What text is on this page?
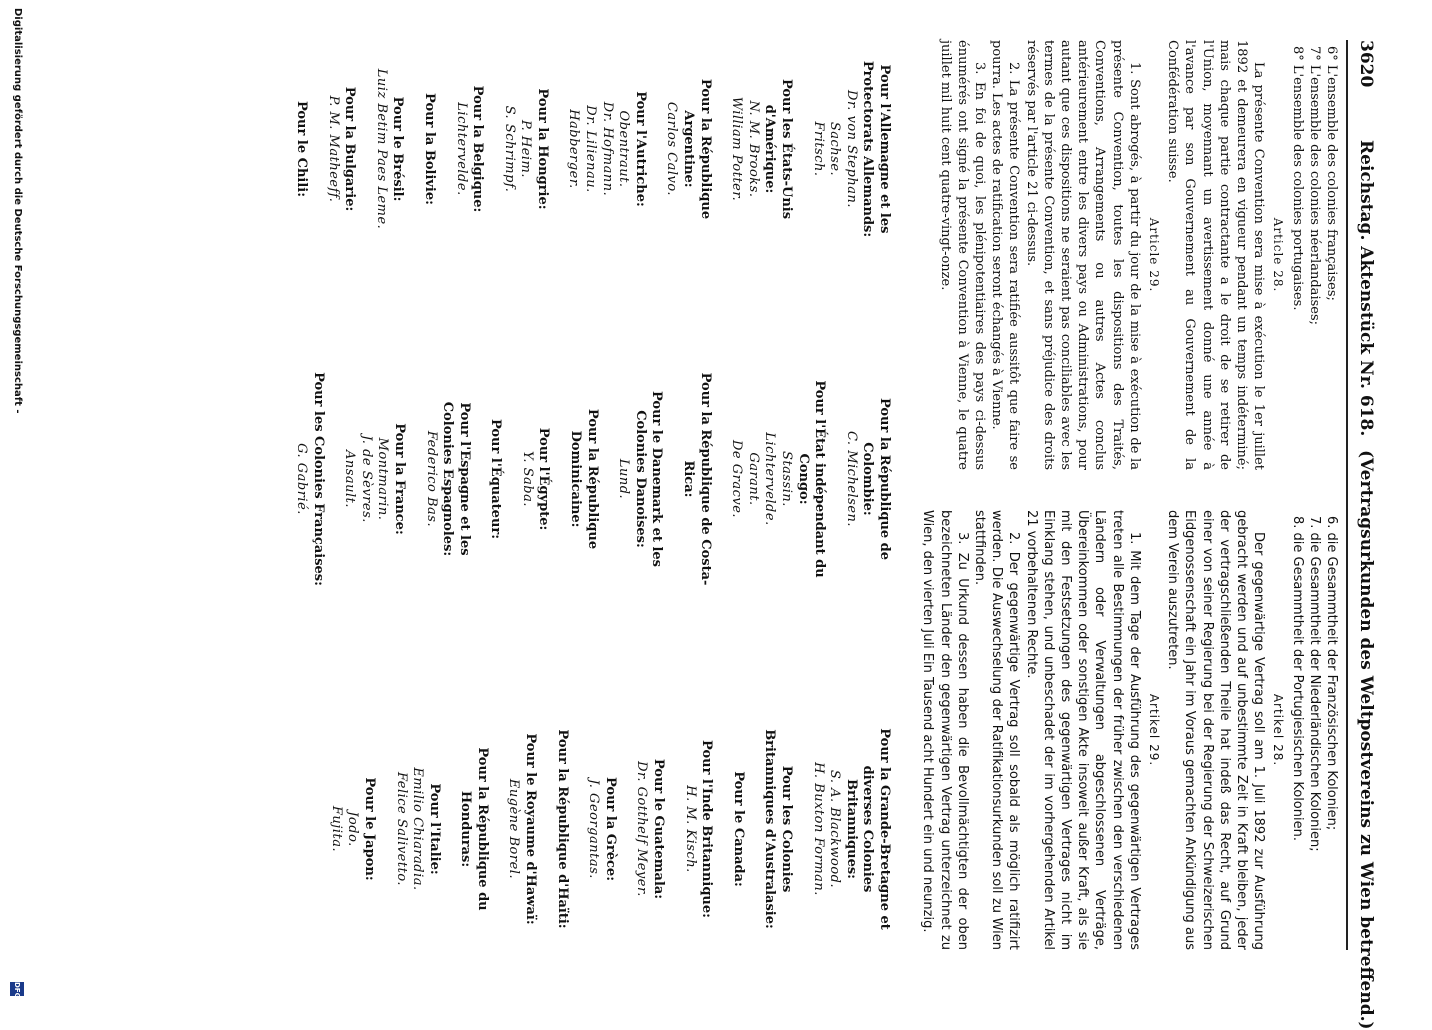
3620
Reichstag. Aktenstück Nr. 618.
(Vertragsurkunden des Weltpostvereins zu Wien betreffend.)

6° L'ensemble des colonies françaises;

7° L'ensemble des colonies néerlandaises;

8° L'ensemble des colonies portugaises.

Article 28.

La présente Convention sera mise à exécution le 1er juillet 1892 et demeurera en vigueur pendant un temps indéterminé; mais chaque partie contractante a le droit de se retirer de l'Union, moyennant un avertissement donné une année à l'avance par son Gouvernement au Gouvernement de la Confédération suisse.

Article 29.

1. Sont abrogés, à partir du jour de la mise à exécution de la présente Convention, toutes les dispositions des Traités, Conventions, Arrangements ou autres Actes conclus antérieurement entre les divers pays ou Administrations, pour autant que ces dispositions ne seraient pas conciliables avec les termes de la présente Convention, et sans préjudice des droits réservés par l'article 21 ci-dessus.

2. La présente Convention sera ratifiée aussitôt que faire se pourra. Les actes de ratification seront échangés à Vienne.

3. En foi de quoi, les plénipotentiaires des pays ci-dessus énumérés ont signé la présente Convention à Vienne, le quatre juillet mil huit cent quatre-vingt-onze.

6. die Gesammtheit der Französischen Kolonien;

7. die Gesammtheit der Niederländischen Kolonien;

8. die Gesammtheit der Portugiesischen Kolonien.

Artikel 28.

Der gegenwärtige Vertrag soll am 1. Juli 1892 zur Ausführung gebracht werden und auf unbestimmte Zeit in Kraft bleiben, jeder der vertragschließenden Theile hat indeß das Recht, auf Grund einer von seiner Regierung bei der Regierung der Schweizerischen Eidgenossenschaft ein Jahr im Voraus gemachten Ankündigung aus dem Verein auszutreten.

Artikel 29.

1. Mit dem Tage der Ausführung des gegenwärtigen Vertrages treten alle Bestimmungen der früher zwischen den verschiedenen Ländern oder Verwaltungen abgeschlossenen Verträge, Übereinkommen oder sonstigen Akte insoweit außer Kraft, als sie mit den Festsetzungen des gegenwärtigen Vertrages nicht im Einklang stehen, und unbeschadet der im vorhergehenden Artikel 21 vorbehaltenen Rechte.

2. Der gegenwärtige Vertrag soll sobald als möglich ratifizirt werden. Die Auswechselung der Ratifikationsurkunden soll zu Wien stattfinden.

3. Zu Urkund dessen haben die Bevollmächtigten der oben bezeichneten Länder den gegenwärtigen Vertrag unterzeichnet zu Wien, den vierten Juli Ein Tausend acht Hundert ein und neunzig.

Pour l'Allemagne et les Protectorats Allemands:
Dr. von Stephan.
Sachse.
Fritsch.
Pour les États-Unis d'Amérique:
N. M. Brooks.
William Potter.
Pour la République Argentine:
Carlos Calvo.
Pour l'Autriche:
Obentraut.
Dr. Hofmann.
Dr. Lilienau.
Habberger.
Pour la Hongrie:
P. Heim.
S. Schrimpf.
Pour la Belgique:
Lichtervelde.
Pour la Bolivie:
Pour le Brésil:
Luiz Betim Paes Leme.
Pour la Bulgarie:
P. M. Matheeff.
Pour le Chili:
Pour la République de Colombie:
C. Michelsen.
Pour l'État indépendant du Congo:
Stassin.
Lichtervelde.
Garant.
De Gracve.
Pour la République de Costa-Rica:
Pour le Danemark et les Colonies Danoises:
Lund.
Pour la République Dominicaine:
Pour l'Égypte:
Y. Saba.
Pour l'Équateur:
Pour l'Espagne et les Colonies Espagnoles:
Federico Bas.
Pour la France:
Montmarin.
J. de Sèvres.
Ansault.
Pour les Colonies Françaises:
G. Gabrié.
Pour la Grande-Bretagne et diverses Colonies Britanniques:
S. A. Blackwood.
H. Buxton Forman.
Pour les Colonies Britanniques d'Australasie:
Pour le Canada:
Pour l'Inde Britannique:
H. M. Kisch.
Pour le Guatemala:
Dr. Gotthelf Meyer.
Pour la Grèce:
J. Georgantas.
Pour la République d'Haïti:
Pour le Royaume d'Hawaï:
Eugène Borel.
Pour la République du Honduras:
Pour l'Italie:
Emilio Chiaradia.
Felice Salivetto.
Pour le Japon:
Jodo.
Fujita.
Digitalisierung gefördert durch die Deutsche Forschungsgemeinschaft -
DFG
